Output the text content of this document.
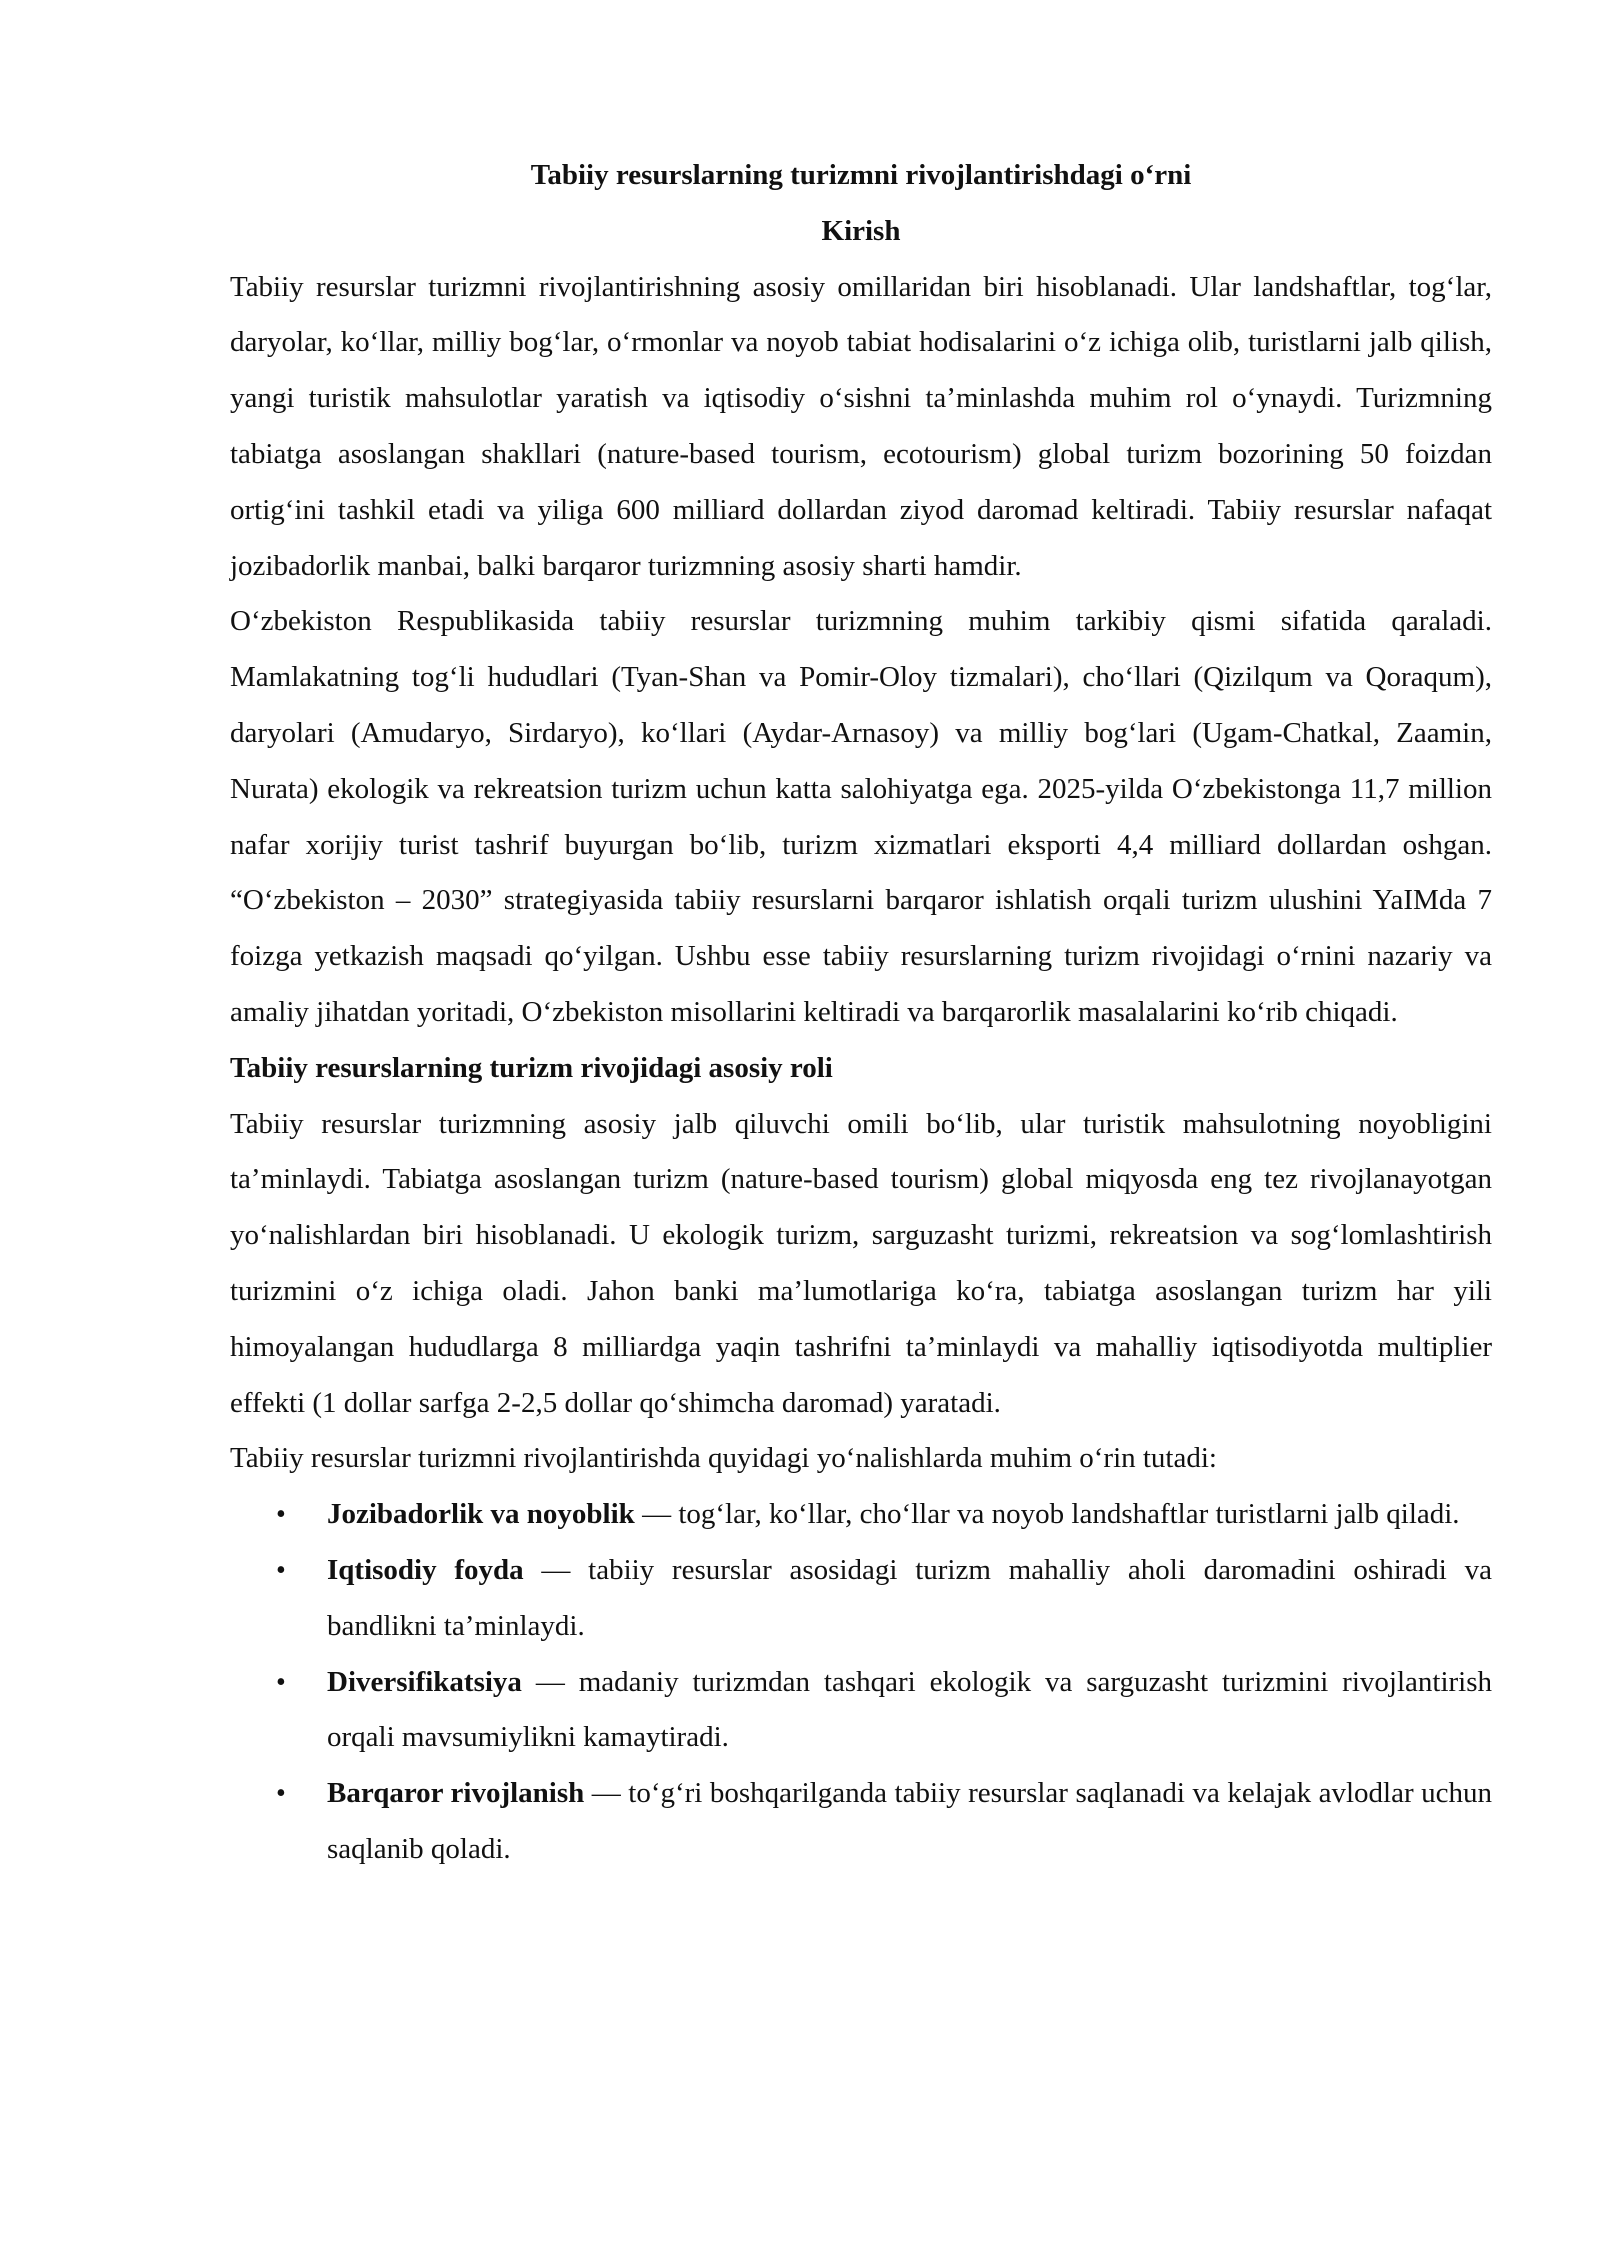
Tabiiy resurslarning turizmni rivojlantirishdagi o‘rni
Kirish

Tabiiy resurslar turizmni rivojlantirishning asosiy omillaridan biri hisoblanadi. Ular landshaftlar, tog‘lar, daryolar, ko‘llar, milliy bog‘lar, o‘rmonlar va noyob tabiat hodisalarini o‘z ichiga olib, turistlarni jalb qilish, yangi turistik mahsulotlar yaratish va iqtisodiy o‘sishni ta’minlashda muhim rol o‘ynaydi. Turizmning tabiatga asoslangan shakllari (nature-based tourism, ecotourism) global turizm bozorining 50 foizdan ortig‘ini tashkil etadi va yiliga 600 milliard dollardan ziyod daromad keltiradi. Tabiiy resurslar nafaqat jozibadorlik manbai, balki barqaror turizmning asosiy sharti hamdir.

O‘zbekiston Respublikasida tabiiy resurslar turizmning muhim tarkibiy qismi sifatida qaraladi. Mamlakatning tog‘li hududlari (Tyan-Shan va Pomir-Oloy tizmalari), cho‘llari (Qizilqum va Qoraqum), daryolari (Amudaryo, Sirdaryo), ko‘llari (Aydar-Arnasoy) va milliy bog‘lari (Ugam-Chatkal, Zaamin, Nurata) ekologik va rekreatsion turizm uchun katta salohiyatga ega. 2025-yilda O‘zbekistonga 11,7 million nafar xorijiy turist tashrif buyurgan bo‘lib, turizm xizmatlari eksporti 4,4 milliard dollardan oshgan. “O‘zbekiston – 2030” strategiyasida tabiiy resurslarni barqaror ishlatish orqali turizm ulushini YaIMda 7 foizga yetkazish maqsadi qo‘yilgan. Ushbu esse tabiiy resurslarning turizm rivojidagi o‘rnini nazariy va amaliy jihatdan yoritadi, O‘zbekiston misollarini keltiradi va barqarorlik masalalarini ko‘rib chiqadi.

Tabiiy resurslarning turizm rivojidagi asosiy roli

Tabiiy resurslar turizmning asosiy jalb qiluvchi omili bo‘lib, ular turistik mahsulotning noyobligini ta’minlaydi. Tabiatga asoslangan turizm (nature-based tourism) global miqyosda eng tez rivojlanayotgan yo‘nalishlardan biri hisoblanadi. U ekologik turizm, sarguzasht turizmi, rekreatsion va sog‘lomlashtirish turizmini o‘z ichiga oladi. Jahon banki ma’lumotlariga ko‘ra, tabiatga asoslangan turizm har yili himoyalangan hududlarga 8 milliardga yaqin tashrifni ta’minlaydi va mahalliy iqtisodiyotda multiplier effekti (1 dollar sarfga 2-2,5 dollar qo‘shimcha daromad) yaratadi.

Tabiiy resurslar turizmni rivojlantirishda quyidagi yo‘nalishlarda muhim o‘rin tutadi:

• Jozibadorlik va noyoblik — tog‘lar, ko‘llar, cho‘llar va noyob landshaftlar turistlarni jalb qiladi.
• Iqtisodiy foyda — tabiiy resurslar asosidagi turizm mahalliy aholi daromadini oshiradi va bandlikni ta’minlaydi.
• Diversifikatsiya — madaniy turizmdan tashqari ekologik va sarguzasht turizmini rivojlantirish orqali mavsumiylikni kamaytiradi.
• Barqaror rivojlanish — to‘g‘ri boshqarilganda tabiiy resurslar saqlanadi va kelajak avlodlar uchun saqlanib qoladi.
